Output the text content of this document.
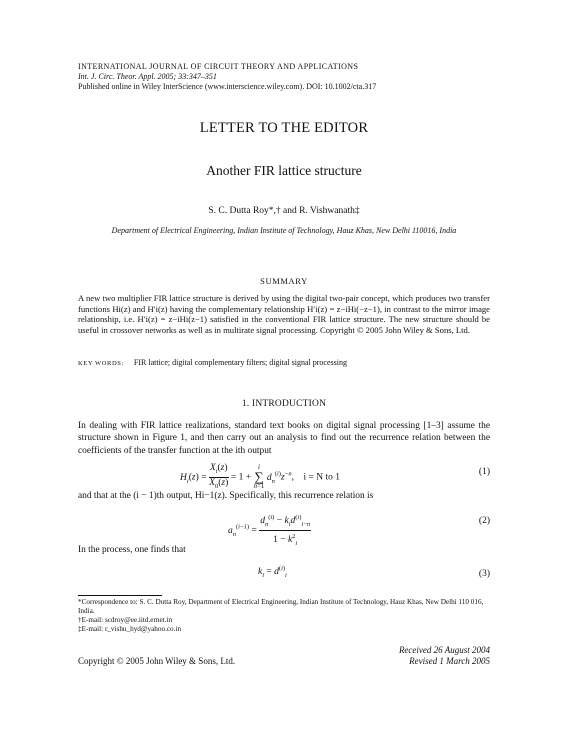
INTERNATIONAL JOURNAL OF CIRCUIT THEORY AND APPLICATIONS
Int. J. Circ. Theor. Appl. 2005; 33:347–351
Published online in Wiley InterScience (www.interscience.wiley.com). DOI: 10.1002/cta.317
LETTER TO THE EDITOR
Another FIR lattice structure
S. C. Dutta Roy*,† and R. Vishwanath‡
Department of Electrical Engineering, Indian Institute of Technology, Hauz Khas, New Delhi 110016, India
SUMMARY
A new two multiplier FIR lattice structure is derived by using the digital two-pair concept, which produces two transfer functions Hi(z) and H′i(z) having the complementary relationship H′i(z) = z−iHi(−z−1), in contrast to the mirror image relationship, i.e. H′i(z) = z−iHi(z−1) satisfied in the conventional FIR lattice structure. The new structure should be useful in crossover networks as well as in multirate signal processing. Copyright © 2005 John Wiley & Sons, Ltd.
KEY WORDS: FIR lattice; digital complementary filters; digital signal processing
1. INTRODUCTION
In dealing with FIR lattice realizations, standard text books on digital signal processing [1–3] assume the structure shown in Figure 1, and then carry out an analysis to find out the recurrence relation between the coefficients of the transfer function at the ith output
$H_i(z) = \frac{X_i(z)}{X_0(z)} = 1 + i$
∑
n=1 $d_n^{(i)}z^{-n}$,    i = N to 1
(1)
and that at the (i − 1)th output, Hi−1(z). Specifically, this recurrence relation is
$a_n^{(i-1)} = \frac{d_n^{(i)} - k_id^{(i)}_{i-n}}{1 - k^2_i}$	(2)
In the process, one finds that
$k_i = d^{(i)}_i$	(3)
*Correspondence to: S. C. Dutta Roy, Department of Electrical Engineering, Indian Institute of Technology, Hauz Khas, New Delhi 110 016, India.
†E-mail: scdroy@ee.iitd.ernet.in
‡E-mail: r_vishu_hyd@yahoo.co.in
Received 26 August 2004
Revised 1 March 2005
Copyright © 2005 John Wiley & Sons, Ltd.
